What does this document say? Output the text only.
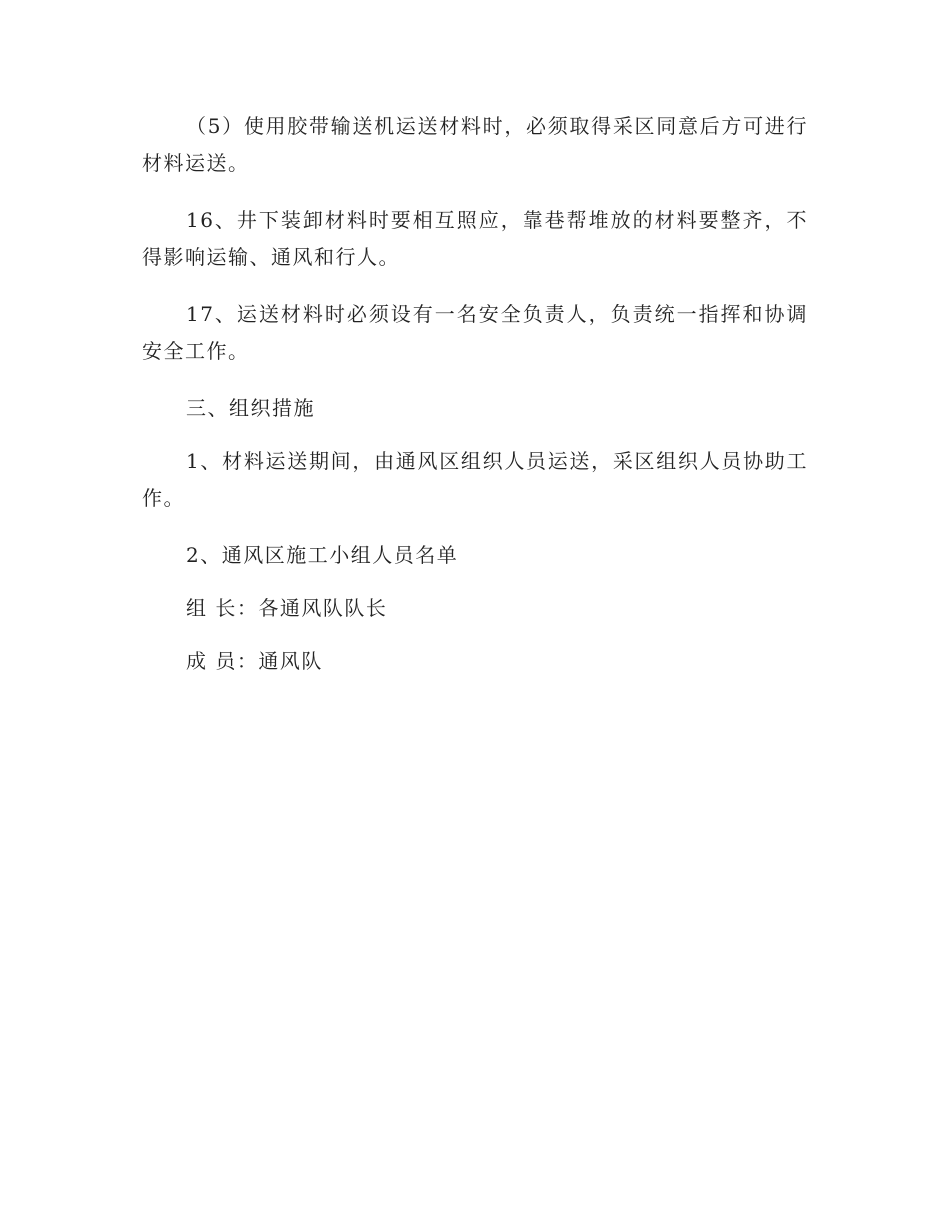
（5）使用胶带输送机运送材料时，必须取得采区同意后方可进行材料运送。

16、井下装卸材料时要相互照应，靠巷帮堆放的材料要整齐，不得影响运输、通风和行人。

17、运送材料时必须设有一名安全负责人，负责统一指挥和协调安全工作。

三、组织措施

1、材料运送期间，由通风区组织人员运送，采区组织人员协助工作。

2、通风区施工小组人员名单

组 长：各通风队队长

成 员：通风队
